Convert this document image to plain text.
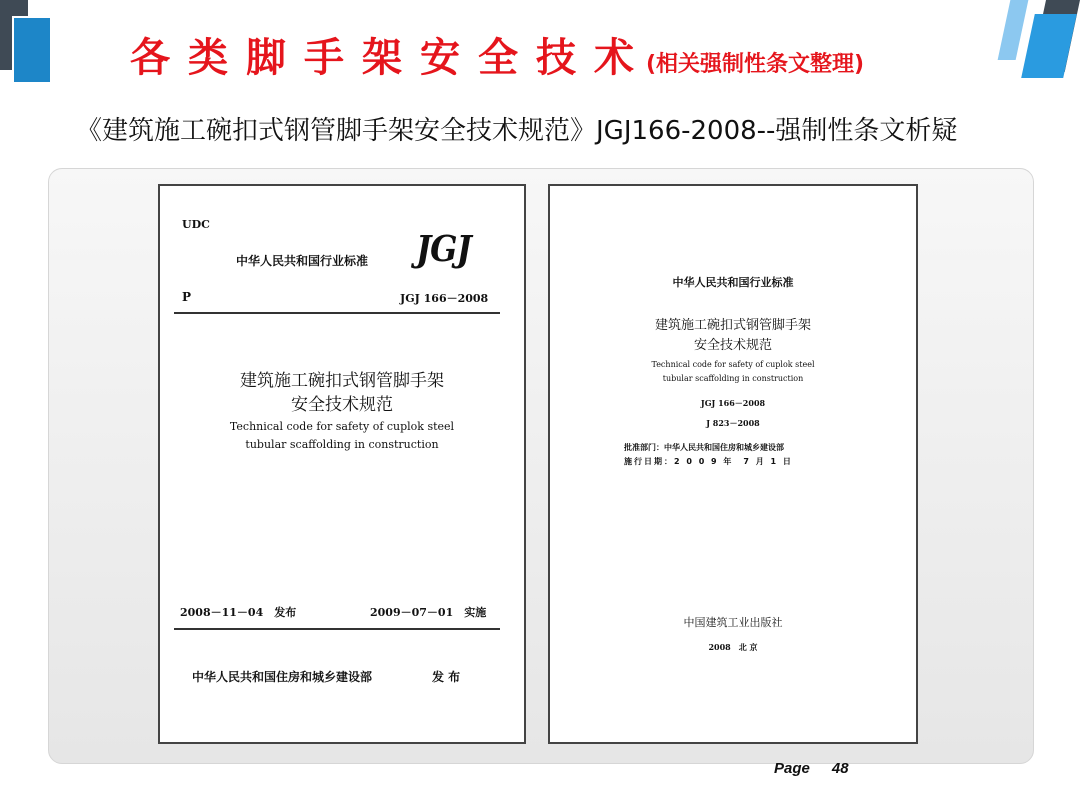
各类脚手架安全技术
(相关强制性条文整理)
《建筑施工碗扣式钢管脚手架安全技术规范》JGJ166-2008--强制性条文析疑
UDC
中华人民共和国行业标准 JGJ
P	JGJ 166－2008
建筑施工碗扣式钢管脚手架
安全技术规范
Technical code for safety of cuplok steel
tubular scaffolding in construction
2008－11－04　发布	2009－07－01　实施
中华人民共和国住房和城乡建设部	发 布
中华人民共和国行业标准
建筑施工碗扣式钢管脚手架
安全技术规范
Technical code for safety of cuplok steel
tubular scaffolding in construction
JGJ 166－2008
J 823－2008
批准部门：中华人民共和国住房和城乡建设部
施行日期：2 0 0 9 年　7 月 1 日
中国建筑工业出版社
2008　北 京
Page 48
